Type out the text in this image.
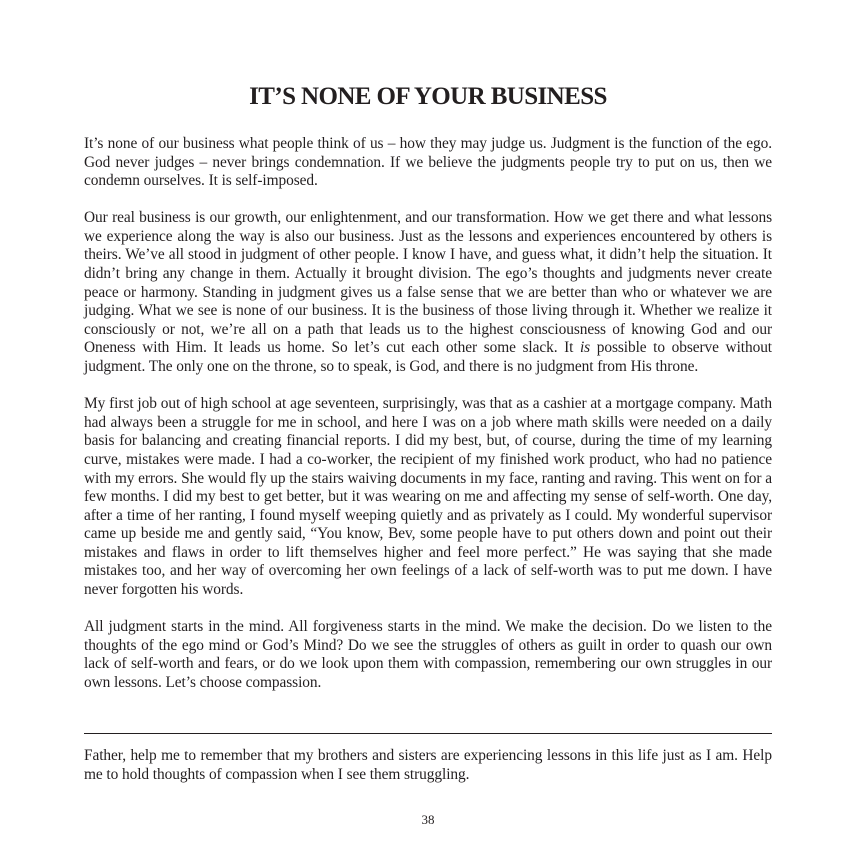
IT’S NONE OF YOUR BUSINESS

It’s none of our business what people think of us – how they may judge us. Judgment is the function of the ego. God never judges – never brings condemnation. If we believe the judgments people try to put on us, then we condemn ourselves. It is self-imposed.

Our real business is our growth, our enlightenment, and our transformation. How we get there and what lessons we experience along the way is also our business. Just as the lessons and experiences encountered by others is theirs. We’ve all stood in judgment of other people. I know I have, and guess what, it didn’t help the situation. It didn’t bring any change in them. Actually it brought division. The ego’s thoughts and judgments never create peace or harmony. Standing in judgment gives us a false sense that we are better than who or whatever we are judging. What we see is none of our business. It is the business of those living through it. Whether we realize it consciously or not, we’re all on a path that leads us to the highest consciousness of knowing God and our Oneness with Him. It leads us home. So let’s cut each other some slack. It is possible to observe without judgment. The only one on the throne, so to speak, is God, and there is no judgment from His throne.

My first job out of high school at age seventeen, surprisingly, was that as a cashier at a mortgage company. Math had always been a struggle for me in school, and here I was on a job where math skills were needed on a daily basis for balancing and creating financial reports. I did my best, but, of course, during the time of my learning curve, mistakes were made. I had a co-worker, the recipient of my finished work product, who had no patience with my errors. She would fly up the stairs waiving documents in my face, ranting and raving. This went on for a few months. I did my best to get better, but it was wearing on me and affecting my sense of self-worth. One day, after a time of her ranting, I found myself weeping quietly and as privately as I could. My wonderful supervisor came up beside me and gently said, “You know, Bev, some people have to put others down and point out their mistakes and flaws in order to lift themselves higher and feel more perfect.” He was saying that she made mistakes too, and her way of overcoming her own feelings of a lack of self-worth was to put me down. I have never forgotten his words.

All judgment starts in the mind. All forgiveness starts in the mind. We make the decision. Do we listen to the thoughts of the ego mind or God’s Mind? Do we see the struggles of others as guilt in order to quash our own lack of self-worth and fears, or do we look upon them with compassion, remembering our own struggles in our own lessons. Let’s choose compassion.

Father, help me to remember that my brothers and sisters are experiencing lessons in this life just as I am. Help me to hold thoughts of compassion when I see them struggling.

38
